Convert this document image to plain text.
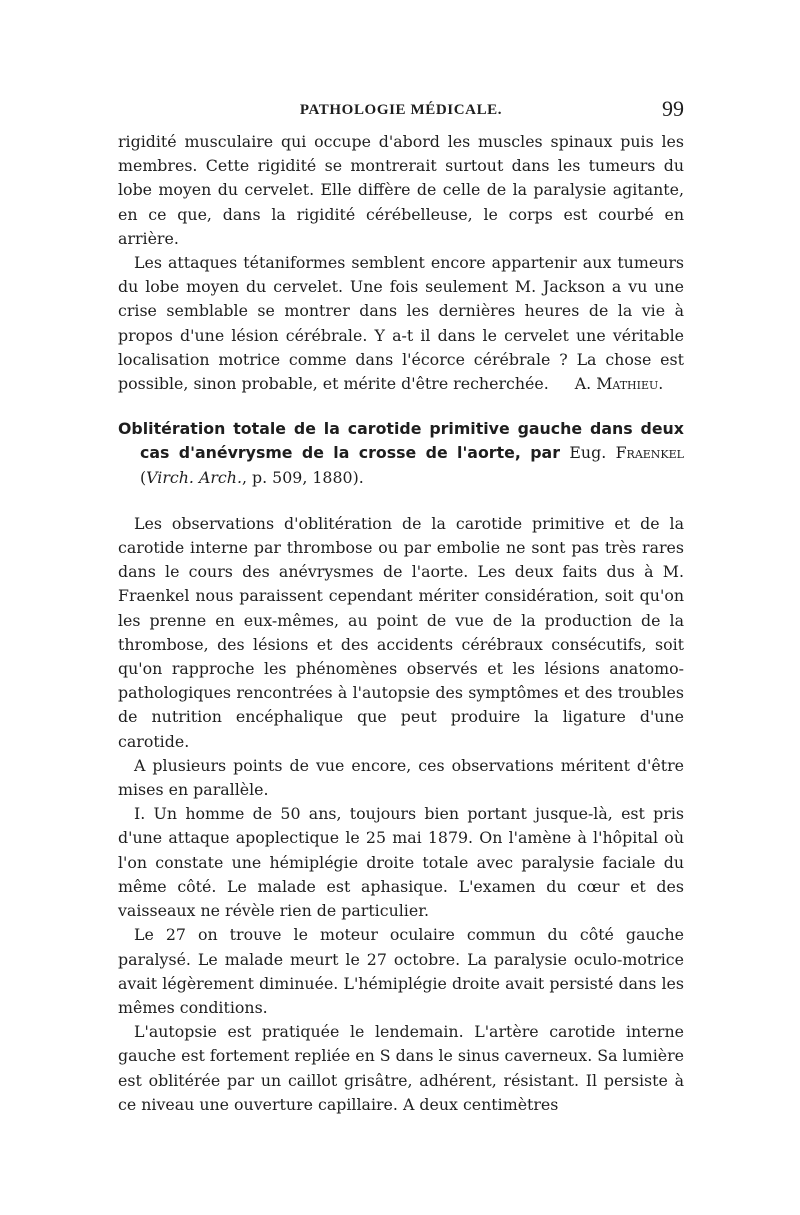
PATHOLOGIE MÉDICALE.	99

rigidité musculaire qui occupe d'abord les muscles spinaux puis les membres. Cette rigidité se montrerait surtout dans les tumeurs du lobe moyen du cervelet. Elle diffère de celle de la paralysie agitante, en ce que, dans la rigidité cérébelleuse, le corps est courbé en arrière.

Les attaques tétaniformes semblent encore appartenir aux tumeurs du lobe moyen du cervelet. Une fois seulement M. Jackson a vu une crise semblable se montrer dans les dernières heures de la vie à propos d'une lésion cérébrale. Y a-t il dans le cervelet une véritable localisation motrice comme dans l'écorce cérébrale ? La chose est possible, sinon probable, et mérite d'être recherchée. A. Mathieu.

Oblitération totale de la carotide primitive gauche dans deux cas d'anévrysme de la crosse de l'aorte, par Eug. Fraenkel (Virch. Arch., p. 509, 1880).

Les observations d'oblitération de la carotide primitive et de la carotide interne par thrombose ou par embolie ne sont pas très rares dans le cours des anévrysmes de l'aorte. Les deux faits dus à M. Fraenkel nous paraissent cependant mériter considération, soit qu'on les prenne en eux-mêmes, au point de vue de la production de la thrombose, des lésions et des accidents cérébraux consécutifs, soit qu'on rapproche les phénomènes observés et les lésions anatomo-pathologiques rencontrées à l'autopsie des symptômes et des troubles de nutrition encéphalique que peut produire la ligature d'une carotide.

A plusieurs points de vue encore, ces observations méritent d'être mises en parallèle.

I. Un homme de 50 ans, toujours bien portant jusque-là, est pris d'une attaque apoplectique le 25 mai 1879. On l'amène à l'hôpital où l'on constate une hémiplégie droite totale avec paralysie faciale du même côté. Le malade est aphasique. L'examen du cœur et des vaisseaux ne révèle rien de particulier.

Le 27 on trouve le moteur oculaire commun du côté gauche paralysé. Le malade meurt le 27 octobre. La paralysie oculo-motrice avait légèrement diminuée. L'hémiplégie droite avait persisté dans les mêmes conditions.

L'autopsie est pratiquée le lendemain. L'artère carotide interne gauche est fortement repliée en S dans le sinus caverneux. Sa lumière est oblitérée par un caillot grisâtre, adhérent, résistant. Il persiste à ce niveau une ouverture capillaire. A deux centimètres
